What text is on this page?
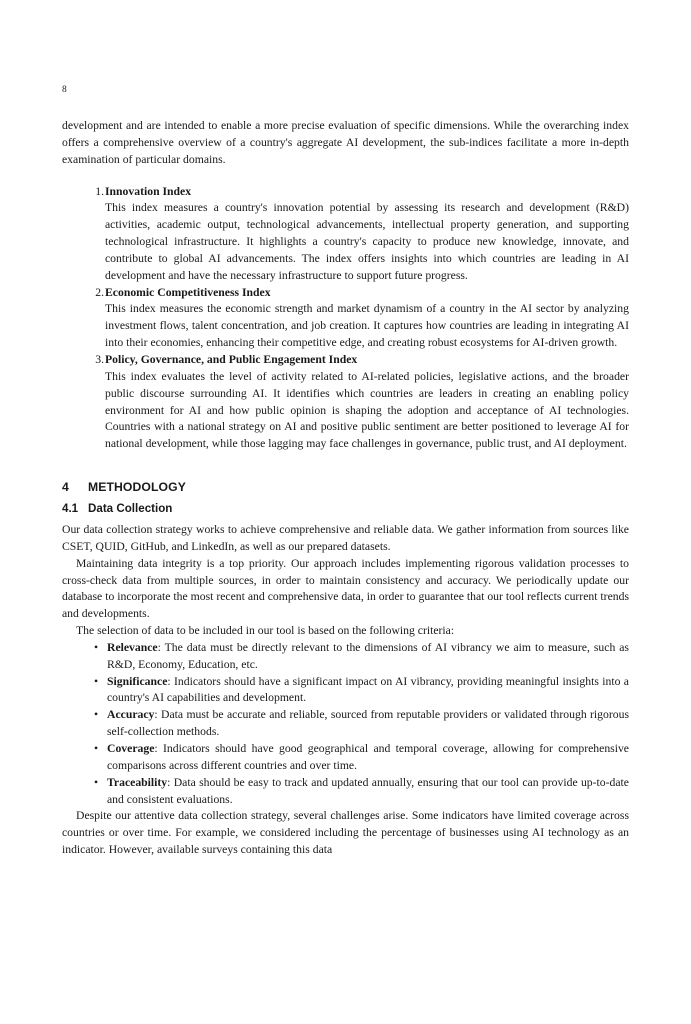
8

development and are intended to enable a more precise evaluation of specific dimensions. While the overarching index offers a comprehensive overview of a country's aggregate AI development, the sub-indices facilitate a more in-depth examination of particular domains.

1 . Innovation Index
This index measures a country's innovation potential by assessing its research and development (R&D) activities, academic output, technological advancements, intellectual property generation, and supporting technological infrastructure. It highlights a country's capacity to produce new knowledge, innovate, and contribute to global AI advancements. The index offers insights into which countries are leading in AI development and have the necessary infrastructure to support future progress.
2 . Economic Competitiveness Index
This index measures the economic strength and market dynamism of a country in the AI sector by analyzing investment flows, talent concentration, and job creation. It captures how countries are leading in integrating AI into their economies, enhancing their competitive edge, and creating robust ecosystems for AI-driven growth.
3 . Policy, Governance, and Public Engagement Index
This index evaluates the level of activity related to AI-related policies, legislative actions, and the broader public discourse surrounding AI. It identifies which countries are leaders in creating an enabling policy environment for AI and how public opinion is shaping the adoption and acceptance of AI technologies. Countries with a national strategy on AI and positive public sentiment are better positioned to leverage AI for national development, while those lagging may face challenges in governance, public trust, and AI deployment.
4 METHODOLOGY
4.1 Data Collection

Our data collection strategy works to achieve comprehensive and reliable data. We gather information from sources like CSET, QUID, GitHub, and LinkedIn, as well as our prepared datasets.

Maintaining data integrity is a top priority. Our approach includes implementing rigorous validation processes to cross-check data from multiple sources, in order to maintain consistency and accuracy. We periodically update our database to incorporate the most recent and comprehensive data, in order to guarantee that our tool reflects current trends and developments.

The selection of data to be included in our tool is based on the following criteria:

• Relevance: The data must be directly relevant to the dimensions of AI vibrancy we aim to measure, such as R&D, Economy, Education, etc.
• Significance: Indicators should have a significant impact on AI vibrancy, providing meaningful insights into a country's AI capabilities and development.
• Accuracy: Data must be accurate and reliable, sourced from reputable providers or validated through rigorous self-collection methods.
• Coverage: Indicators should have good geographical and temporal coverage, allowing for comprehensive comparisons across different countries and over time.
• Traceability: Data should be easy to track and updated annually, ensuring that our tool can provide up-to-date and consistent evaluations.

Despite our attentive data collection strategy, several challenges arise. Some indicators have limited coverage across countries or over time. For example, we considered including the percentage of businesses using AI technology as an indicator. However, available surveys containing this data
